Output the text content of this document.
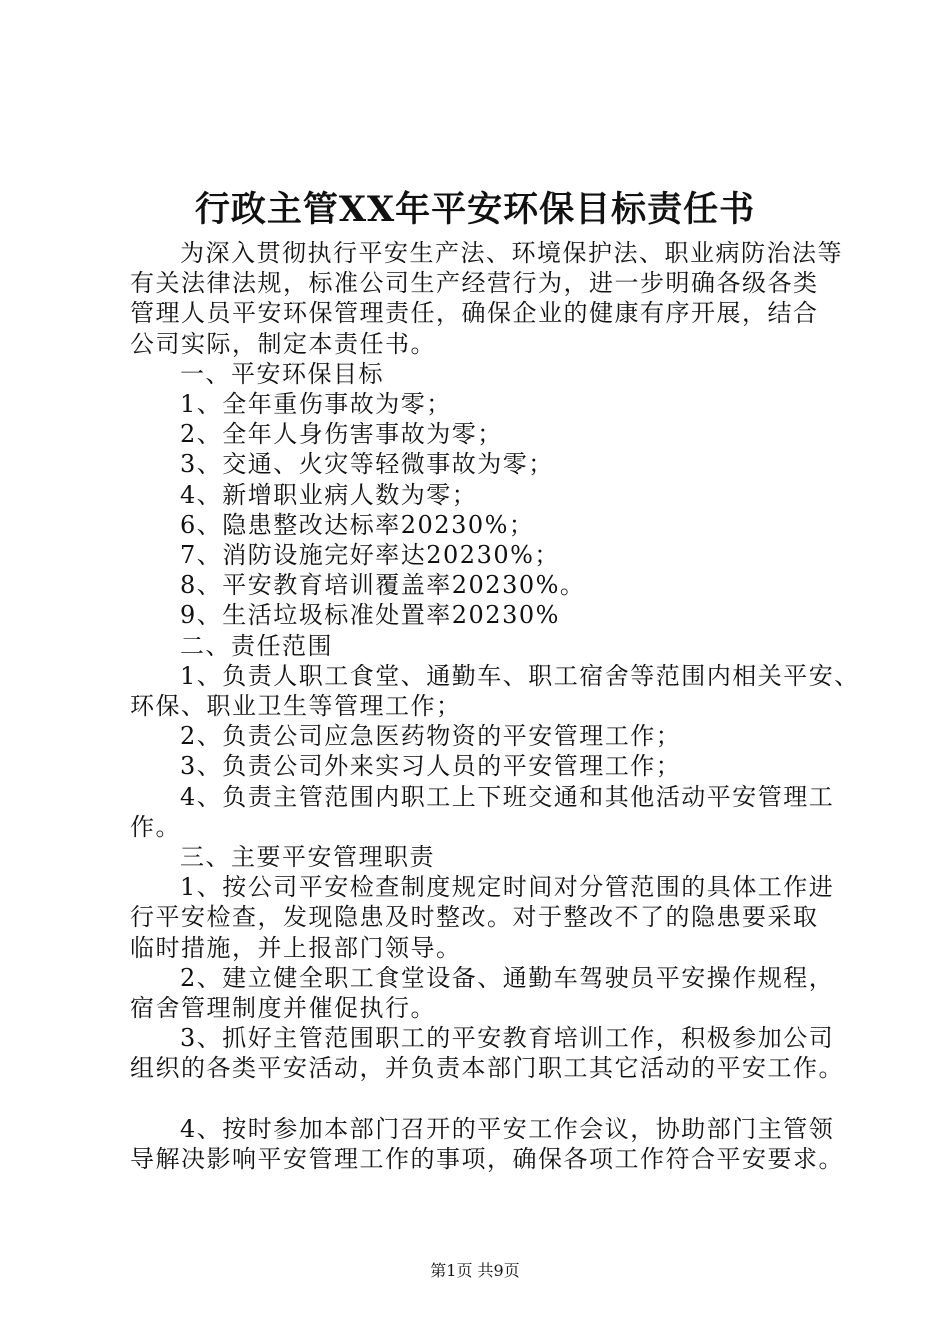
行政主管XX年平安环保目标责任书

为深入贯彻执行平安生产法、环境保护法、职业病防治法等

有关法律法规，标准公司生产经营行为，进一步明确各级各类

管理人员平安环保管理责任，确保企业的健康有序开展，结合

公司实际，制定本责任书。

一、平安环保目标

1、全年重伤事故为零；

2、全年人身伤害事故为零；

3、交通、火灾等轻微事故为零；

4、新增职业病人数为零；

6、隐患整改达标率20230%；

7、消防设施完好率达20230%；

8、平安教育培训覆盖率20230%。

9、生活垃圾标准处置率20230%

二、责任范围

1、负责人职工食堂、通勤车、职工宿舍等范围内相关平安、

环保、职业卫生等管理工作；

2、负责公司应急医药物资的平安管理工作；

3、负责公司外来实习人员的平安管理工作；

4、负责主管范围内职工上下班交通和其他活动平安管理工

作。

三、主要平安管理职责

1、按公司平安检查制度规定时间对分管范围的具体工作进

行平安检查，发现隐患及时整改。对于整改不了的隐患要采取

临时措施，并上报部门领导。

2、建立健全职工食堂设备、通勤车驾驶员平安操作规程，

宿舍管理制度并催促执行。

3、抓好主管范围职工的平安教育培训工作，积极参加公司

组织的各类平安活动，并负责本部门职工其它活动的平安工作。

4、按时参加本部门召开的平安工作会议，协助部门主管领

导解决影响平安管理工作的事项，确保各项工作符合平安要求。

第1页 共9页
